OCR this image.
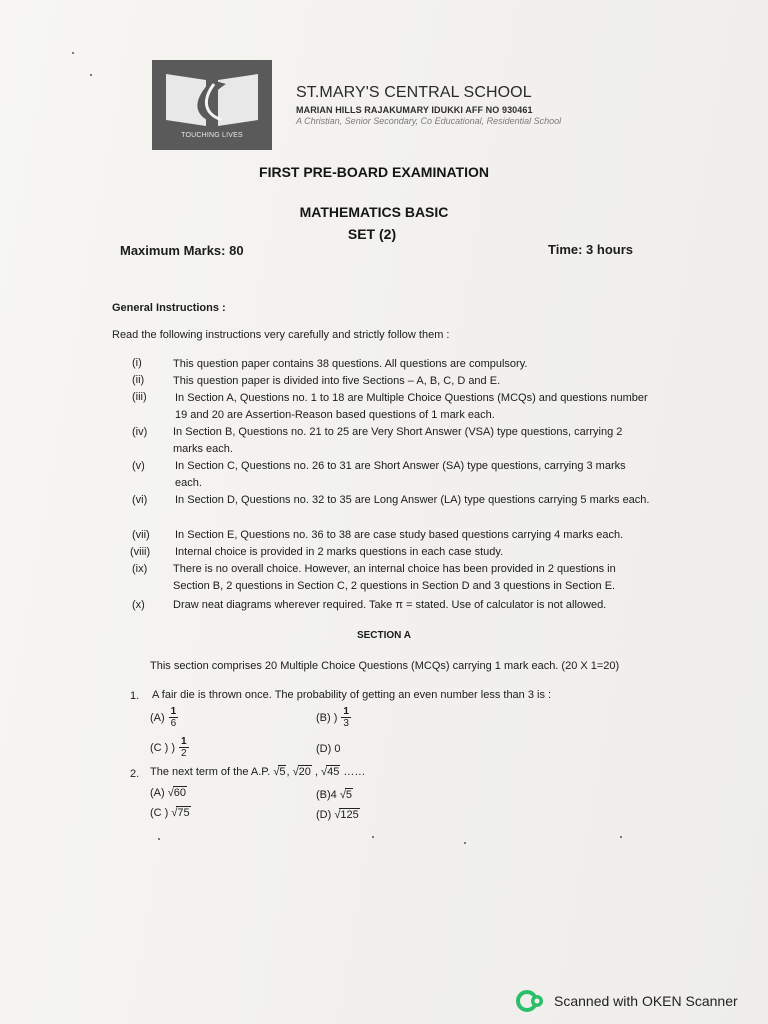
TOUCHING LIVES
ST.MARY'S CENTRAL SCHOOL
MARIAN HILLS RAJAKUMARY IDUKKI AFF NO 930461
A Christian, Senior Secondary, Co Educational, Residential School
FIRST PRE-BOARD EXAMINATION
MATHEMATICS BASIC
SET (2)
Maximum Marks: 80	Time: 3 hours
General Instructions :
Read the following instructions very carefully and strictly follow them :
(i)	This question paper contains 38 questions. All questions are compulsory.
(ii)	This question paper is divided into five Sections – A, B, C, D and E.
(iii)	In Section A, Questions no. 1 to 18 are Multiple Choice Questions (MCQs) and questions number 19 and 20 are Assertion-Reason based questions of 1 mark each.
(iv) In Section B, Questions no. 21 to 25 are Very Short Answer (VSA) type questions, carrying 2 marks each.
(v)	In Section C, Questions no. 26 to 31 are Short Answer (SA) type questions, carrying 3 marks each.
(vi)	In Section D, Questions no. 32 to 35 are Long Answer (LA) type questions carrying 5 marks each.
(vii) In Section E, Questions no. 36 to 38 are case study based questions carrying 4 marks each.
(viii) Internal choice is provided in 2 marks questions in each case study.
(ix) There is no overall choice. However, an internal choice has been provided in 2 questions in Section B, 2 questions in Section C, 2 questions in Section D and 3 questions in Section E.
(x)	Draw neat diagrams wherever required. Take π = stated. Use of calculator is not allowed.
SECTION A
This section comprises 20 Multiple Choice Questions (MCQs) carrying 1 mark each. (20 X 1=20)
1. A fair die is thrown once. The probability of getting an even number less than 3 is :
$(A) \frac{1}{6}$	(B) ) $\frac{1}{3}$
(C ) ) $\frac{1}{2}$	(D) 0
2. The next term of the A.P. √5, √20 , √45 ……
(A) √ 60	(B)4 √ 5
(C ) √ 75	(D) √ 125
Scanned with OKEN Scanner
